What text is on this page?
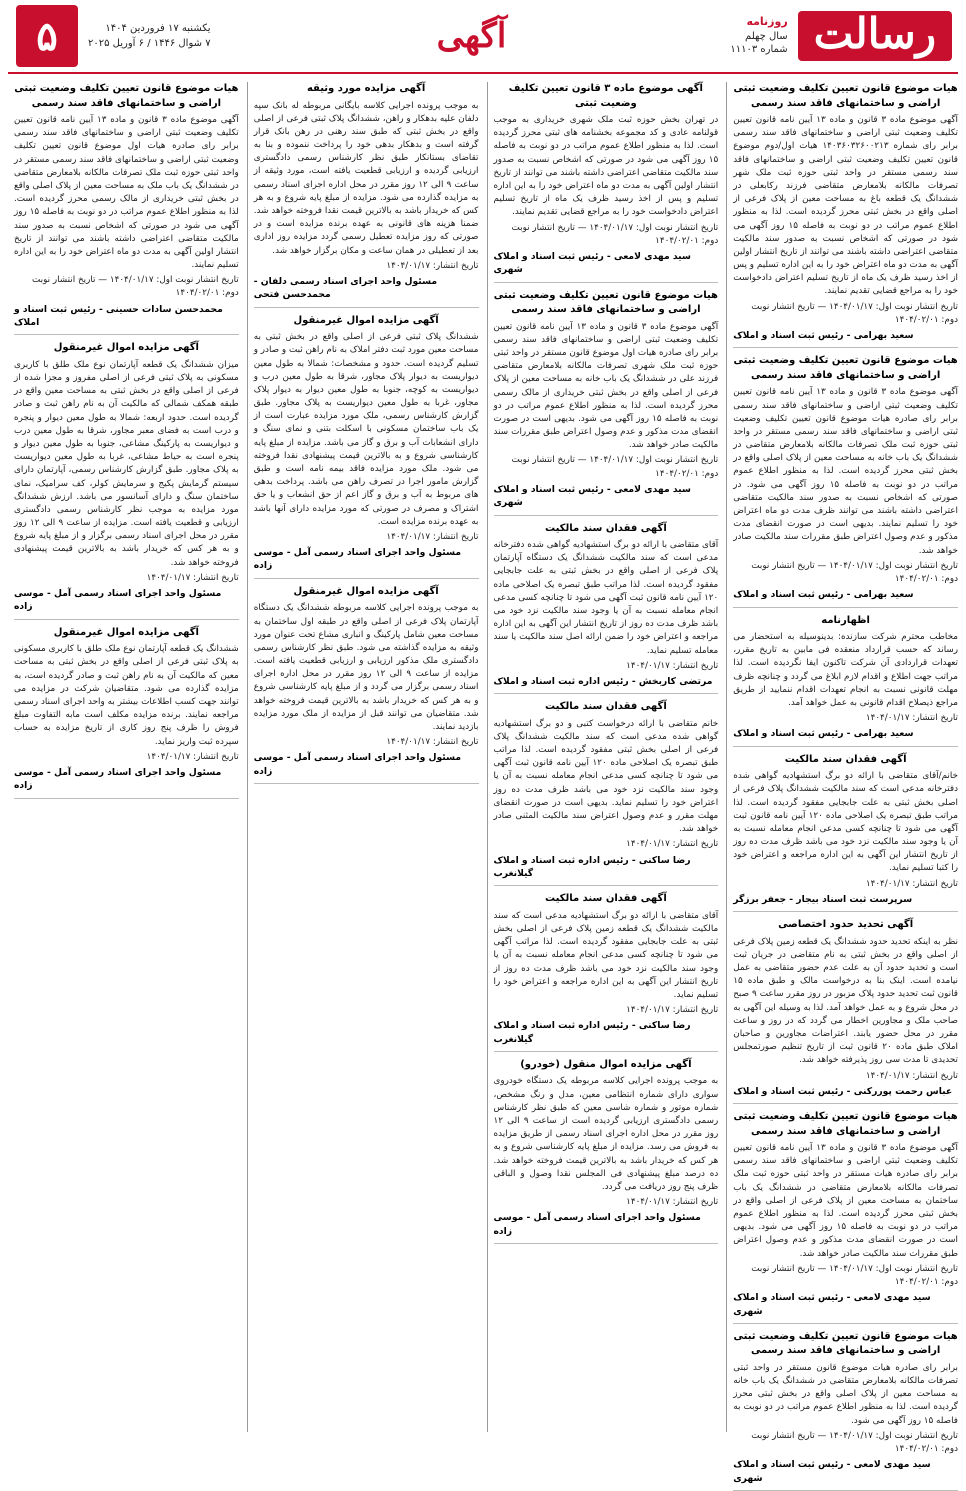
رسالت
روزنامه
سال چهلم
شماره ۱۱۱۰۳
آگهی
یکشنبه ۱۷ فروردین ۱۴۰۴
۷ شوال ۱۴۴۶ / ۶ آوریل ۲۰۲۵
۵
هیات موضوع قانون تعیین تکلیف وضعیت ثبتی اراضی و ساختمانهای فاقد سند رسمی
آگهی موضوع ماده ۳ قانون و ماده ۱۳ آیین نامه قانون تعیین تکلیف وضعیت ثبتی اراضی و ساختمانهای فاقد سند رسمی برابر رای شماره ۱۴۰۳۶۰۳۲۶۰۰۲۱۳ هیات اول/دوم موضوع قانون تعیین تکلیف وضعیت ثبتی اراضی و ساختمانهای فاقد سند رسمی مستقر در واحد ثبتی حوزه ثبت ملک شهر تصرفات مالکانه بلامعارض متقاضی فرزند رکابعلی در ششدانگ یک قطعه باغ به مساحت معین از پلاک فرعی از اصلی واقع در بخش ثبتی محرز گردیده است. لذا به منظور اطلاع عموم مراتب در دو نوبت به فاصله ۱۵ روز آگهی می شود در صورتی که اشخاص نسبت به صدور سند مالکیت متقاضی اعتراضی داشته باشند می توانند از تاریخ انتشار اولین آگهی به مدت دو ماه اعتراض خود را به این اداره تسلیم و پس از اخذ رسید ظرف یک ماه از تاریخ تسلیم اعتراض دادخواست خود را به مراجع قضایی تقدیم نمایند.
تاریخ انتشار نوبت اول: ۱۴۰۴/۰۱/۱۷ — تاریخ انتشار نوبت دوم: ۱۴۰۴/۰۲/۰۱
سعید بهرامی - رئیس ثبت اسناد و املاک
هیات موضوع قانون تعیین تکلیف وضعیت ثبتی اراضی و ساختمانهای فاقد سند رسمی
آگهی موضوع ماده ۳ قانون و ماده ۱۳ آیین نامه قانون تعیین تکلیف وضعیت ثبتی اراضی و ساختمانهای فاقد سند رسمی برابر رای صادره هیات موضوع قانون تعیین تکلیف وضعیت ثبتی اراضی و ساختمانهای فاقد سند رسمی مستقر در واحد ثبتی حوزه ثبت ملک تصرفات مالکانه بلامعارض متقاضی در ششدانگ یک باب خانه به مساحت معین از پلاک اصلی واقع در بخش ثبتی محرز گردیده است. لذا به منظور اطلاع عموم مراتب در دو نوبت به فاصله ۱۵ روز آگهی می شود. در صورتی که اشخاص نسبت به صدور سند مالکیت متقاضی اعتراضی داشته باشند می توانند ظرف مدت دو ماه اعتراض خود را تسلیم نمایند. بدیهی است در صورت انقضای مدت مذکور و عدم وصول اعتراض طبق مقررات سند مالکیت صادر خواهد شد.
تاریخ انتشار نوبت اول: ۱۴۰۴/۰۱/۱۷ — تاریخ انتشار نوبت دوم: ۱۴۰۴/۰۲/۰۱
سعید بهرامی - رئیس ثبت اسناد و املاک
اظهارنامه
مخاطب محترم شرکت سازنده: بدینوسیله به استحضار می رساند که حسب قرارداد منعقده فی مابین به تاریخ مقرر، تعهدات قراردادی آن شرکت تاکنون ایفا نگردیده است. لذا مراتب جهت اطلاع و اقدام لازم ابلاغ می گردد و چنانچه ظرف مهلت قانونی نسبت به انجام تعهدات اقدام ننمایید از طریق مراجع ذیصلاح اقدام قانونی به عمل خواهد آمد.
تاریخ انتشار: ۱۴۰۴/۰۱/۱۷
سعید بهرامی - رئیس ثبت اسناد و املاک
آگهی فقدان سند مالکیت
خانم/آقای متقاضی با ارائه دو برگ استشهادیه گواهی شده دفترخانه مدعی است که سند مالکیت ششدانگ پلاک فرعی از اصلی بخش ثبتی به علت جابجایی مفقود گردیده است. لذا مراتب طبق تبصره یک اصلاحی ماده ۱۲۰ آیین نامه قانون ثبت آگهی می شود تا چنانچه کسی مدعی انجام معامله نسبت به آن یا وجود سند مالکیت نزد خود می باشد ظرف مدت ده روز از تاریخ انتشار این آگهی به این اداره مراجعه و اعتراض خود را کتبا تسلیم نماید.
تاریخ انتشار: ۱۴۰۴/۰۱/۱۷
سرپرست ثبت اسناد بیجار - جعفر برزگر
آگهی تحدید حدود اختصاصی
نظر به اینکه تحدید حدود ششدانگ یک قطعه زمین پلاک فرعی از اصلی واقع در بخش ثبتی به نام متقاضی در جریان ثبت است و تحدید حدود آن به علت عدم حضور متقاضی به عمل نیامده است. اینک بنا به درخواست مالک و طبق ماده ۱۵ قانون ثبت تحدید حدود پلاک مزبور در روز مقرر ساعت ۹ صبح در محل شروع و به عمل خواهد آمد. لذا به وسیله این آگهی به صاحب ملک و مجاورین اخطار می گردد که در روز و ساعت مقرر در محل حضور یابند. اعتراضات مجاورین و صاحبان املاک طبق ماده ۲۰ قانون ثبت از تاریخ تنظیم صورتمجلس تحدیدی تا مدت سی روز پذیرفته خواهد شد.
تاریخ انتشار: ۱۴۰۴/۰۱/۱۷
عباس رحمت پوررکنی - رئیس ثبت اسناد و املاک
هیات موضوع قانون تعیین تکلیف وضعیت ثبتی اراضی و ساختمانهای فاقد سند رسمی
آگهی موضوع ماده ۳ قانون و ماده ۱۳ آیین نامه قانون تعیین تکلیف وضعیت ثبتی اراضی و ساختمانهای فاقد سند رسمی برابر رای صادره هیات مستقر در واحد ثبتی حوزه ثبت ملک تصرفات مالکانه بلامعارض متقاضی در ششدانگ یک باب ساختمان به مساحت معین از پلاک فرعی از اصلی واقع در بخش ثبتی محرز گردیده است. لذا به منظور اطلاع عموم مراتب در دو نوبت به فاصله ۱۵ روز آگهی می شود. بدیهی است در صورت انقضای مدت مذکور و عدم وصول اعتراض طبق مقررات سند مالکیت صادر خواهد شد.
تاریخ انتشار نوبت اول: ۱۴۰۴/۰۱/۱۷ — تاریخ انتشار نوبت دوم: ۱۴۰۴/۰۲/۰۱
سید مهدی لامعی - رئیس ثبت اسناد و املاک شهری
هیات موضوع قانون تعیین تکلیف وضعیت ثبتی اراضی و ساختمانهای فاقد سند رسمی
برابر رای صادره هیات موضوع قانون مستقر در واحد ثبتی تصرفات مالکانه بلامعارض متقاضی در ششدانگ یک باب خانه به مساحت معین از پلاک اصلی واقع در بخش ثبتی محرز گردیده است. لذا به منظور اطلاع عموم مراتب در دو نوبت به فاصله ۱۵ روز آگهی می شود.
تاریخ انتشار نوبت اول: ۱۴۰۴/۰۱/۱۷ — تاریخ انتشار نوبت دوم: ۱۴۰۴/۰۲/۰۱
سید مهدی لامعی - رئیس ثبت اسناد و املاک شهری
آگهی موضوع ماده ۳ قانون تعیین تکلیف وضعیت ثبتی
در تهران بخش حوزه ثبت ملک شهری خریداری به موجب قولنامه عادی و کد مجموعه بخشنامه های ثبتی محرز گردیده است. لذا به منظور اطلاع عموم مراتب در دو نوبت به فاصله ۱۵ روز آگهی می شود در صورتی که اشخاص نسبت به صدور سند مالکیت متقاضی اعتراضی داشته باشند می توانند از تاریخ انتشار اولین آگهی به مدت دو ماه اعتراض خود را به این اداره تسلیم و پس از اخذ رسید ظرف یک ماه از تاریخ تسلیم اعتراض دادخواست خود را به مراجع قضایی تقدیم نمایند.
تاریخ انتشار نوبت اول: ۱۴۰۴/۰۱/۱۷ — تاریخ انتشار نوبت دوم: ۱۴۰۴/۰۲/۰۱
سید مهدی لامعی - رئیس ثبت اسناد و املاک شهری
هیات موضوع قانون تعیین تکلیف وضعیت ثبتی اراضی و ساختمانهای فاقد سند رسمی
آگهی موضوع ماده ۳ قانون و ماده ۱۳ آیین نامه قانون تعیین تکلیف وضعیت ثبتی اراضی و ساختمانهای فاقد سند رسمی برابر رای صادره هیات اول موضوع قانون مستقر در واحد ثبتی حوزه ثبت ملک شهری تصرفات مالکانه بلامعارض متقاضی فرزند علی در ششدانگ یک باب خانه به مساحت معین از پلاک فرعی از اصلی واقع در بخش ثبتی خریداری از مالک رسمی محرز گردیده است. لذا به منظور اطلاع عموم مراتب در دو نوبت به فاصله ۱۵ روز آگهی می شود. بدیهی است در صورت انقضای مدت مذکور و عدم وصول اعتراض طبق مقررات سند مالکیت صادر خواهد شد.
تاریخ انتشار نوبت اول: ۱۴۰۴/۰۱/۱۷ — تاریخ انتشار نوبت دوم: ۱۴۰۴/۰۲/۰۱
سید مهدی لامعی - رئیس ثبت اسناد و املاک شهری
آگهی فقدان سند مالکیت
آقای متقاضی با ارائه دو برگ استشهادیه گواهی شده دفترخانه مدعی است که سند مالکیت ششدانگ یک دستگاه آپارتمان پلاک فرعی از اصلی واقع در بخش ثبتی به علت جابجایی مفقود گردیده است. لذا مراتب طبق تبصره یک اصلاحی ماده ۱۲۰ آیین نامه قانون ثبت آگهی می شود تا چنانچه کسی مدعی انجام معامله نسبت به آن یا وجود سند مالکیت نزد خود می باشد ظرف مدت ده روز از تاریخ انتشار این آگهی به این اداره مراجعه و اعتراض خود را ضمن ارائه اصل سند مالکیت یا سند معامله تسلیم نماید.
تاریخ انتشار: ۱۴۰۴/۰۱/۱۷
مرتضی کاربخش - رئیس اداره ثبت اسناد و املاک
آگهی فقدان سند مالکیت
خانم متقاضی با ارائه درخواست کتبی و دو برگ استشهادیه گواهی شده مدعی است که سند مالکیت ششدانگ پلاک فرعی از اصلی بخش ثبتی مفقود گردیده است. لذا مراتب طبق تبصره یک اصلاحی ماده ۱۲۰ آیین نامه قانون ثبت آگهی می شود تا چنانچه کسی مدعی انجام معامله نسبت به آن یا وجود سند مالکیت نزد خود می باشد ظرف مدت ده روز اعتراض خود را تسلیم نماید. بدیهی است در صورت انقضای مهلت مقرر و عدم وصول اعتراض سند مالکیت المثنی صادر خواهد شد.
تاریخ انتشار: ۱۴۰۴/۰۱/۱۷
رضا ساکنی - رئیس اداره ثبت اسناد و املاک گیلانغرب
آگهی فقدان سند مالکیت
آقای متقاضی با ارائه دو برگ استشهادیه مدعی است که سند مالکیت ششدانگ یک قطعه زمین پلاک فرعی از اصلی بخش ثبتی به علت جابجایی مفقود گردیده است. لذا مراتب آگهی می شود تا چنانچه کسی مدعی انجام معامله نسبت به آن یا وجود سند مالکیت نزد خود می باشد ظرف مدت ده روز از تاریخ انتشار این آگهی به این اداره مراجعه و اعتراض خود را تسلیم نماید.
تاریخ انتشار: ۱۴۰۴/۰۱/۱۷
رضا ساکنی - رئیس اداره ثبت اسناد و املاک گیلانغرب
آگهی مزایده اموال منقول (خودرو)
به موجب پرونده اجرایی کلاسه مربوطه یک دستگاه خودروی سواری دارای شماره انتظامی معین، مدل و رنگ مشخص، شماره موتور و شماره شاسی معین که طبق نظر کارشناس رسمی دادگستری ارزیابی گردیده است از ساعت ۹ الی ۱۲ روز مقرر در محل اداره اجرای اسناد رسمی از طریق مزایده به فروش می رسد. مزایده از مبلغ پایه کارشناسی شروع و به هر کس که خریدار باشد به بالاترین قیمت فروخته خواهد شد. ده درصد مبلغ پیشنهادی فی المجلس نقدا وصول و الباقی ظرف پنج روز دریافت می گردد.
تاریخ انتشار: ۱۴۰۴/۰۱/۱۷
مسئول واحد اجرای اسناد رسمی آمل - موسی زاده
آگهی مزایده مورد وثیقه
به موجب پرونده اجرایی کلاسه بایگانی مربوطه له بانک سپه دلفان علیه بدهکار و راهن، ششدانگ پلاک ثبتی فرعی از اصلی واقع در بخش ثبتی که طبق سند رهنی در رهن بانک قرار گرفته است و بدهکار بدهی خود را پرداخت ننموده و بنا به تقاضای بستانکار طبق نظر کارشناس رسمی دادگستری ارزیابی گردیده و ارزیابی قطعیت یافته است، مورد وثیقه از ساعت ۹ الی ۱۲ روز مقرر در محل اداره اجرای اسناد رسمی به مزایده گذارده می شود. مزایده از مبلغ پایه شروع و به هر کس که خریدار باشد به بالاترین قیمت نقدا فروخته خواهد شد. ضمنا هزینه های قانونی به عهده برنده مزایده است و در صورتی که روز مزایده تعطیل رسمی گردد مزایده روز اداری بعد از تعطیلی در همان ساعت و مکان برگزار خواهد شد.
تاریخ انتشار: ۱۴۰۴/۰۱/۱۷
مسئول واحد اجرای اسناد رسمی دلفان - محمدحسن فتحی
آگهی مزایده اموال غیرمنقول
ششدانگ پلاک ثبتی فرعی از اصلی واقع در بخش ثبتی به مساحت معین مورد ثبت دفتر املاک به نام راهن ثبت و صادر و تسلیم گردیده است. حدود و مشخصات: شمالا به طول معین دیواریست به دیوار پلاک مجاور، شرقا به طول معین درب و دیواریست به کوچه، جنوبا به طول معین دیوار به دیوار پلاک مجاور، غربا به طول معین دیواریست به پلاک مجاور. طبق گزارش کارشناس رسمی، ملک مورد مزایده عبارت است از یک باب ساختمان مسکونی با اسکلت بتنی و نمای سنگ و دارای انشعابات آب و برق و گاز می باشد. مزایده از مبلغ پایه کارشناسی شروع و به بالاترین قیمت پیشنهادی نقدا فروخته می شود. ملک مورد مزایده فاقد بیمه نامه است و طبق گزارش مامور اجرا در تصرف راهن می باشد. پرداخت بدهی های مربوط به آب و برق و گاز اعم از حق انشعاب و یا حق اشتراک و مصرف در صورتی که مورد مزایده دارای آنها باشد به عهده برنده مزایده است.
تاریخ انتشار: ۱۴۰۴/۰۱/۱۷
مسئول واحد اجرای اسناد رسمی آمل - موسی زاده
آگهی مزایده اموال غیرمنقول
به موجب پرونده اجرایی کلاسه مربوطه ششدانگ یک دستگاه آپارتمان پلاک فرعی از اصلی واقع در طبقه اول ساختمان به مساحت معین شامل پارکینگ و انباری مشاع تحت عنوان مورد وثیقه به مزایده گذاشته می شود. طبق نظر کارشناس رسمی دادگستری ملک مذکور ارزیابی و ارزیابی قطعیت یافته است. مزایده از ساعت ۹ الی ۱۲ روز مقرر در محل اداره اجرای اسناد رسمی برگزار می گردد و از مبلغ پایه کارشناسی شروع و به هر کس که خریدار باشد به بالاترین قیمت فروخته خواهد شد. متقاضیان می توانند قبل از مزایده از ملک مورد مزایده بازدید نمایند.
تاریخ انتشار: ۱۴۰۴/۰۱/۱۷
مسئول واحد اجرای اسناد رسمی آمل - موسی زاده
هیات موضوع قانون تعیین تکلیف وضعیت ثبتی اراضی و ساختمانهای فاقد سند رسمی
آگهی موضوع ماده ۳ قانون و ماده ۱۳ آیین نامه قانون تعیین تکلیف وضعیت ثبتی اراضی و ساختمانهای فاقد سند رسمی برابر رای صادره هیات اول موضوع قانون تعیین تکلیف وضعیت ثبتی اراضی و ساختمانهای فاقد سند رسمی مستقر در واحد ثبتی حوزه ثبت ملک تصرفات مالکانه بلامعارض متقاضی در ششدانگ یک باب ملک به مساحت معین از پلاک اصلی واقع در بخش ثبتی خریداری از مالک رسمی محرز گردیده است. لذا به منظور اطلاع عموم مراتب در دو نوبت به فاصله ۱۵ روز آگهی می شود در صورتی که اشخاص نسبت به صدور سند مالکیت متقاضی اعتراضی داشته باشند می توانند از تاریخ انتشار اولین آگهی به مدت دو ماه اعتراض خود را به این اداره تسلیم نمایند.
تاریخ انتشار نوبت اول: ۱۴۰۴/۰۱/۱۷ — تاریخ انتشار نوبت دوم: ۱۴۰۴/۰۲/۰۱
محمدحسن سادات حسینی - رئیس ثبت اسناد و املاک
آگهی مزایده اموال غیرمنقول
میزان ششدانگ یک قطعه آپارتمان نوع ملک طلق با کاربری مسکونی به پلاک ثبتی فرعی از اصلی مفروز و مجزا شده از فرعی از اصلی واقع در بخش ثبتی به مساحت معین واقع در طبقه همکف شمالی که مالکیت آن به نام راهن ثبت و صادر گردیده است. حدود اربعه: شمالا به طول معین دیوار و پنجره و درب است به فضای معبر مجاور، شرقا به طول معین درب و دیواریست به پارکینگ مشاعی، جنوبا به طول معین دیوار و پنجره است به حیاط مشاعی، غربا به طول معین دیواریست به پلاک مجاور. طبق گزارش کارشناس رسمی، آپارتمان دارای سیستم گرمایش پکیج و سرمایش کولر، کف سرامیک، نمای ساختمان سنگ و دارای آسانسور می باشد. ارزش ششدانگ مورد مزایده به موجب نظر کارشناس رسمی دادگستری ارزیابی و قطعیت یافته است. مزایده از ساعت ۹ الی ۱۲ روز مقرر در محل اجرای اسناد رسمی برگزار و از مبلغ پایه شروع و به هر کس که خریدار باشد به بالاترین قیمت پیشنهادی فروخته خواهد شد.
تاریخ انتشار: ۱۴۰۴/۰۱/۱۷
مسئول واحد اجرای اسناد رسمی آمل - موسی زاده
آگهی مزایده اموال غیرمنقول
ششدانگ یک قطعه آپارتمان نوع ملک طلق با کاربری مسکونی به پلاک ثبتی فرعی از اصلی واقع در بخش ثبتی به مساحت معین که مالکیت آن به نام راهن ثبت و صادر گردیده است، به مزایده گذارده می شود. متقاضیان شرکت در مزایده می توانند جهت کسب اطلاعات بیشتر به واحد اجرای اسناد رسمی مراجعه نمایند. برنده مزایده مکلف است مابه التفاوت مبلغ فروش را ظرف پنج روز کاری از تاریخ مزایده به حساب سپرده ثبت واریز نماید.
تاریخ انتشار: ۱۴۰۴/۰۱/۱۷
مسئول واحد اجرای اسناد رسمی آمل - موسی زاده
